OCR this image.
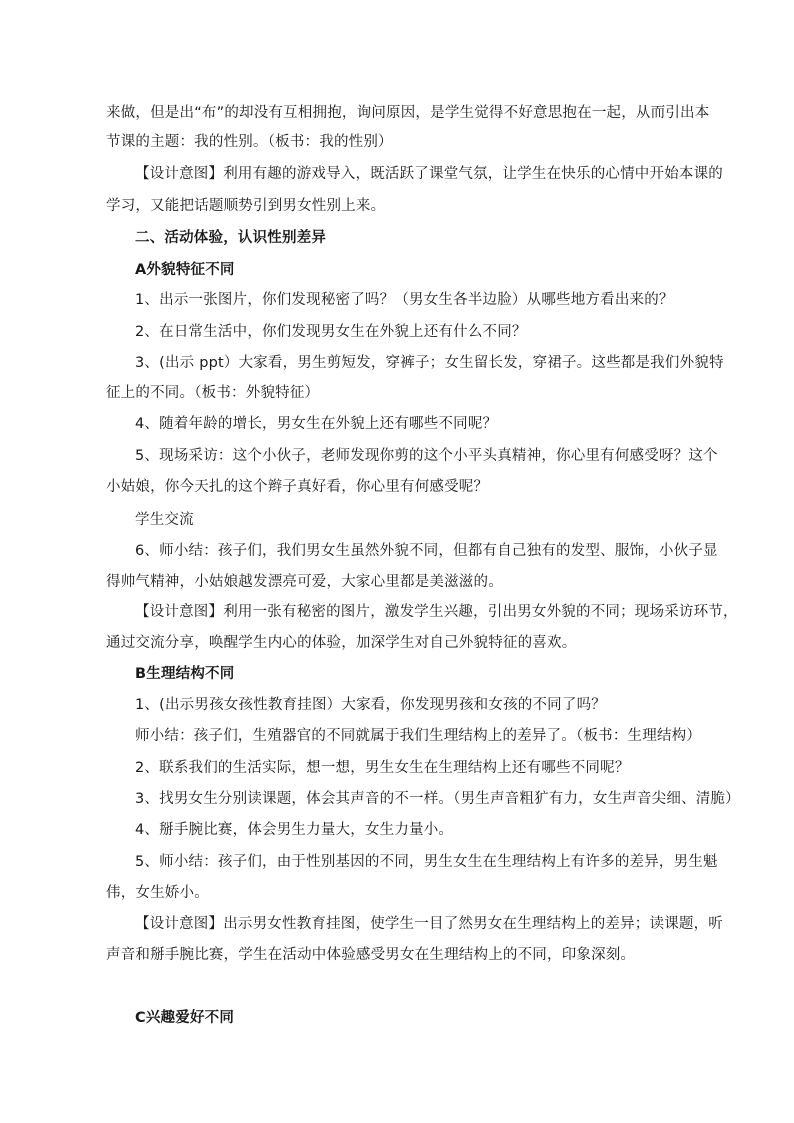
来做，但是出“布”的却没有互相拥抱，询问原因，是学生觉得不好意思抱在一起，从而引出本
节课的主题：我的性别。（板书：我的性别）
【设计意图】利用有趣的游戏导入，既活跃了课堂气氛，让学生在快乐的心情中开始本课的
学习，又能把话题顺势引到男女性别上来。
二、活动体验，认识性别差异
A外貌特征不同
1、出示一张图片，你们发现秘密了吗？（男女生各半边脸）从哪些地方看出来的？
2、在日常生活中，你们发现男女生在外貌上还有什么不同？
3、(出示 ppt）大家看，男生剪短发，穿裤子；女生留长发，穿裙子。这些都是我们外貌特
征上的不同。（板书：外貌特征）
4、随着年龄的增长，男女生在外貌上还有哪些不同呢？
5、现场采访：这个小伙子，老师发现你剪的这个小平头真精神，你心里有何感受呀？这个
小姑娘，你今天扎的这个辫子真好看，你心里有何感受呢？
学生交流
6、师小结：孩子们，我们男女生虽然外貌不同，但都有自己独有的发型、服饰，小伙子显
得帅气精神，小姑娘越发漂亮可爱，大家心里都是美滋滋的。
【设计意图】利用一张有秘密的图片，激发学生兴趣，引出男女外貌的不同；现场采访环节，
通过交流分享，唤醒学生内心的体验，加深学生对自己外貌特征的喜欢。
B生理结构不同
1、(出示男孩女孩性教育挂图）大家看，你发现男孩和女孩的不同了吗？
师小结：孩子们，生殖器官的不同就属于我们生理结构上的差异了。（板书：生理结构）
2、联系我们的生活实际，想一想，男生女生在生理结构上还有哪些不同呢？
3、找男女生分别读课题，体会其声音的不一样。（男生声音粗犷有力，女生声音尖细、清脆）
4、掰手腕比赛，体会男生力量大，女生力量小。
5、师小结：孩子们，由于性别基因的不同，男生女生在生理结构上有许多的差异，男生魁
伟，女生娇小。
【设计意图】出示男女性教育挂图，使学生一目了然男女在生理结构上的差异；读课题，听
声音和掰手腕比赛，学生在活动中体验感受男女在生理结构上的不同，印象深刻。
C兴趣爱好不同
